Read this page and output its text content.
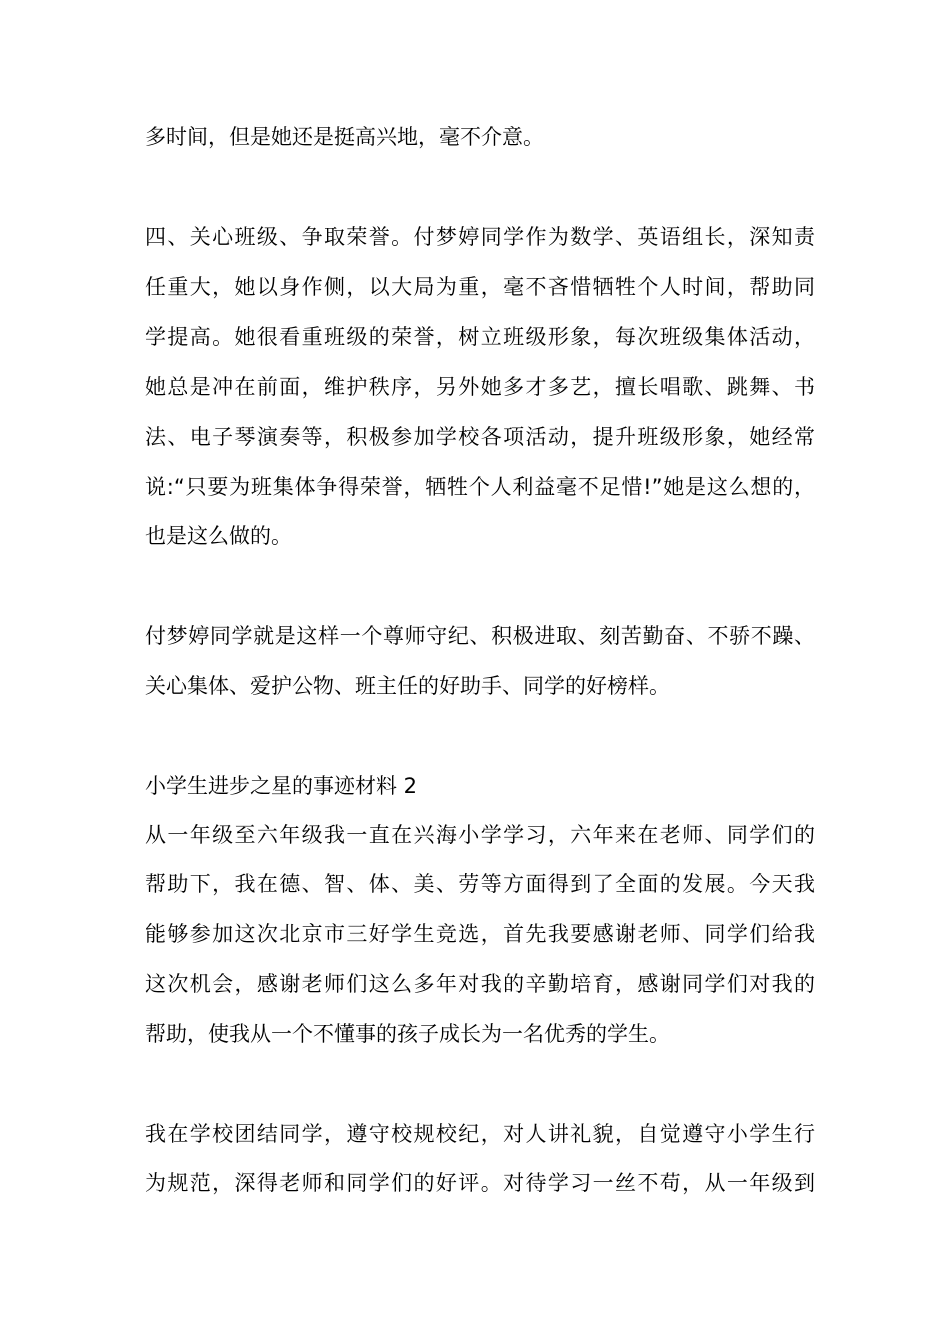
多时间，但是她还是挺高兴地，毫不介意。
四、关心班级、争取荣誉。付梦婷同学作为数学、英语组长，深知责
任重大，她以身作侧，以大局为重，毫不吝惜牺牲个人时间，帮助同
学提高。她很看重班级的荣誉，树立班级形象，每次班级集体活动，
她总是冲在前面，维护秩序，另外她多才多艺，擅长唱歌、跳舞、书
法、电子琴演奏等，积极参加学校各项活动，提升班级形象，她经常
说:“只要为班集体争得荣誉，牺牲个人利益毫不足惜!”她是这么想的，
也是这么做的。
付梦婷同学就是这样一个尊师守纪、积极进取、刻苦勤奋、不骄不躁、
关心集体、爱护公物、班主任的好助手、同学的好榜样。
小学生进步之星的事迹材料 2
从一年级至六年级我一直在兴海小学学习，六年来在老师、同学们的
帮助下，我在德、智、体、美、劳等方面得到了全面的发展。今天我
能够参加这次北京市三好学生竞选，首先我要感谢老师、同学们给我
这次机会，感谢老师们这么多年对我的辛勤培育，感谢同学们对我的
帮助，使我从一个不懂事的孩子成长为一名优秀的学生。
我在学校团结同学，遵守校规校纪，对人讲礼貌，自觉遵守小学生行
为规范，深得老师和同学们的好评。对待学习一丝不苟，从一年级到
